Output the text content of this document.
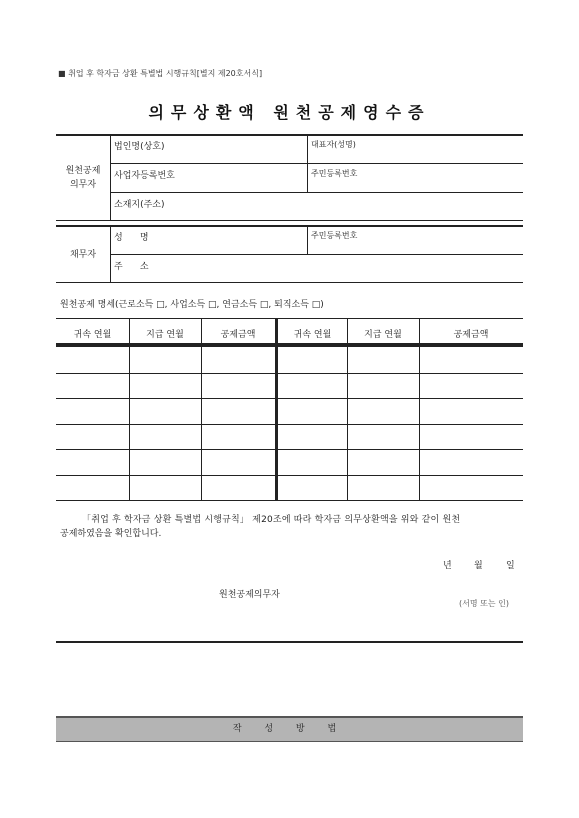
■ 취업 후 학자금 상환 특별법 시행규칙[별지 제20호서식]
의무상환액 원천공제영수증
원천공제
의무자
법인명(상호)	대표자(성명)
사업자등록번호	주민등록번호
소재지(주소)
채무자
성      명	주민등록번호
주      소
원천공제 명세(근로소득 □, 사업소득 □, 연금소득 □, 퇴직소득 □)
귀속 연월	지급 연월	공제금액	귀속 연월	지급 연월	공제금액
「취업 후 학자금 상환 특별법 시행규칙」 제20조에 따라 학자금 의무상환액을 위와 같이 원천
공제하였음을 확인합니다.
년 월	일
원천공제의무자
(서명 또는 인)
작 성 방 법
